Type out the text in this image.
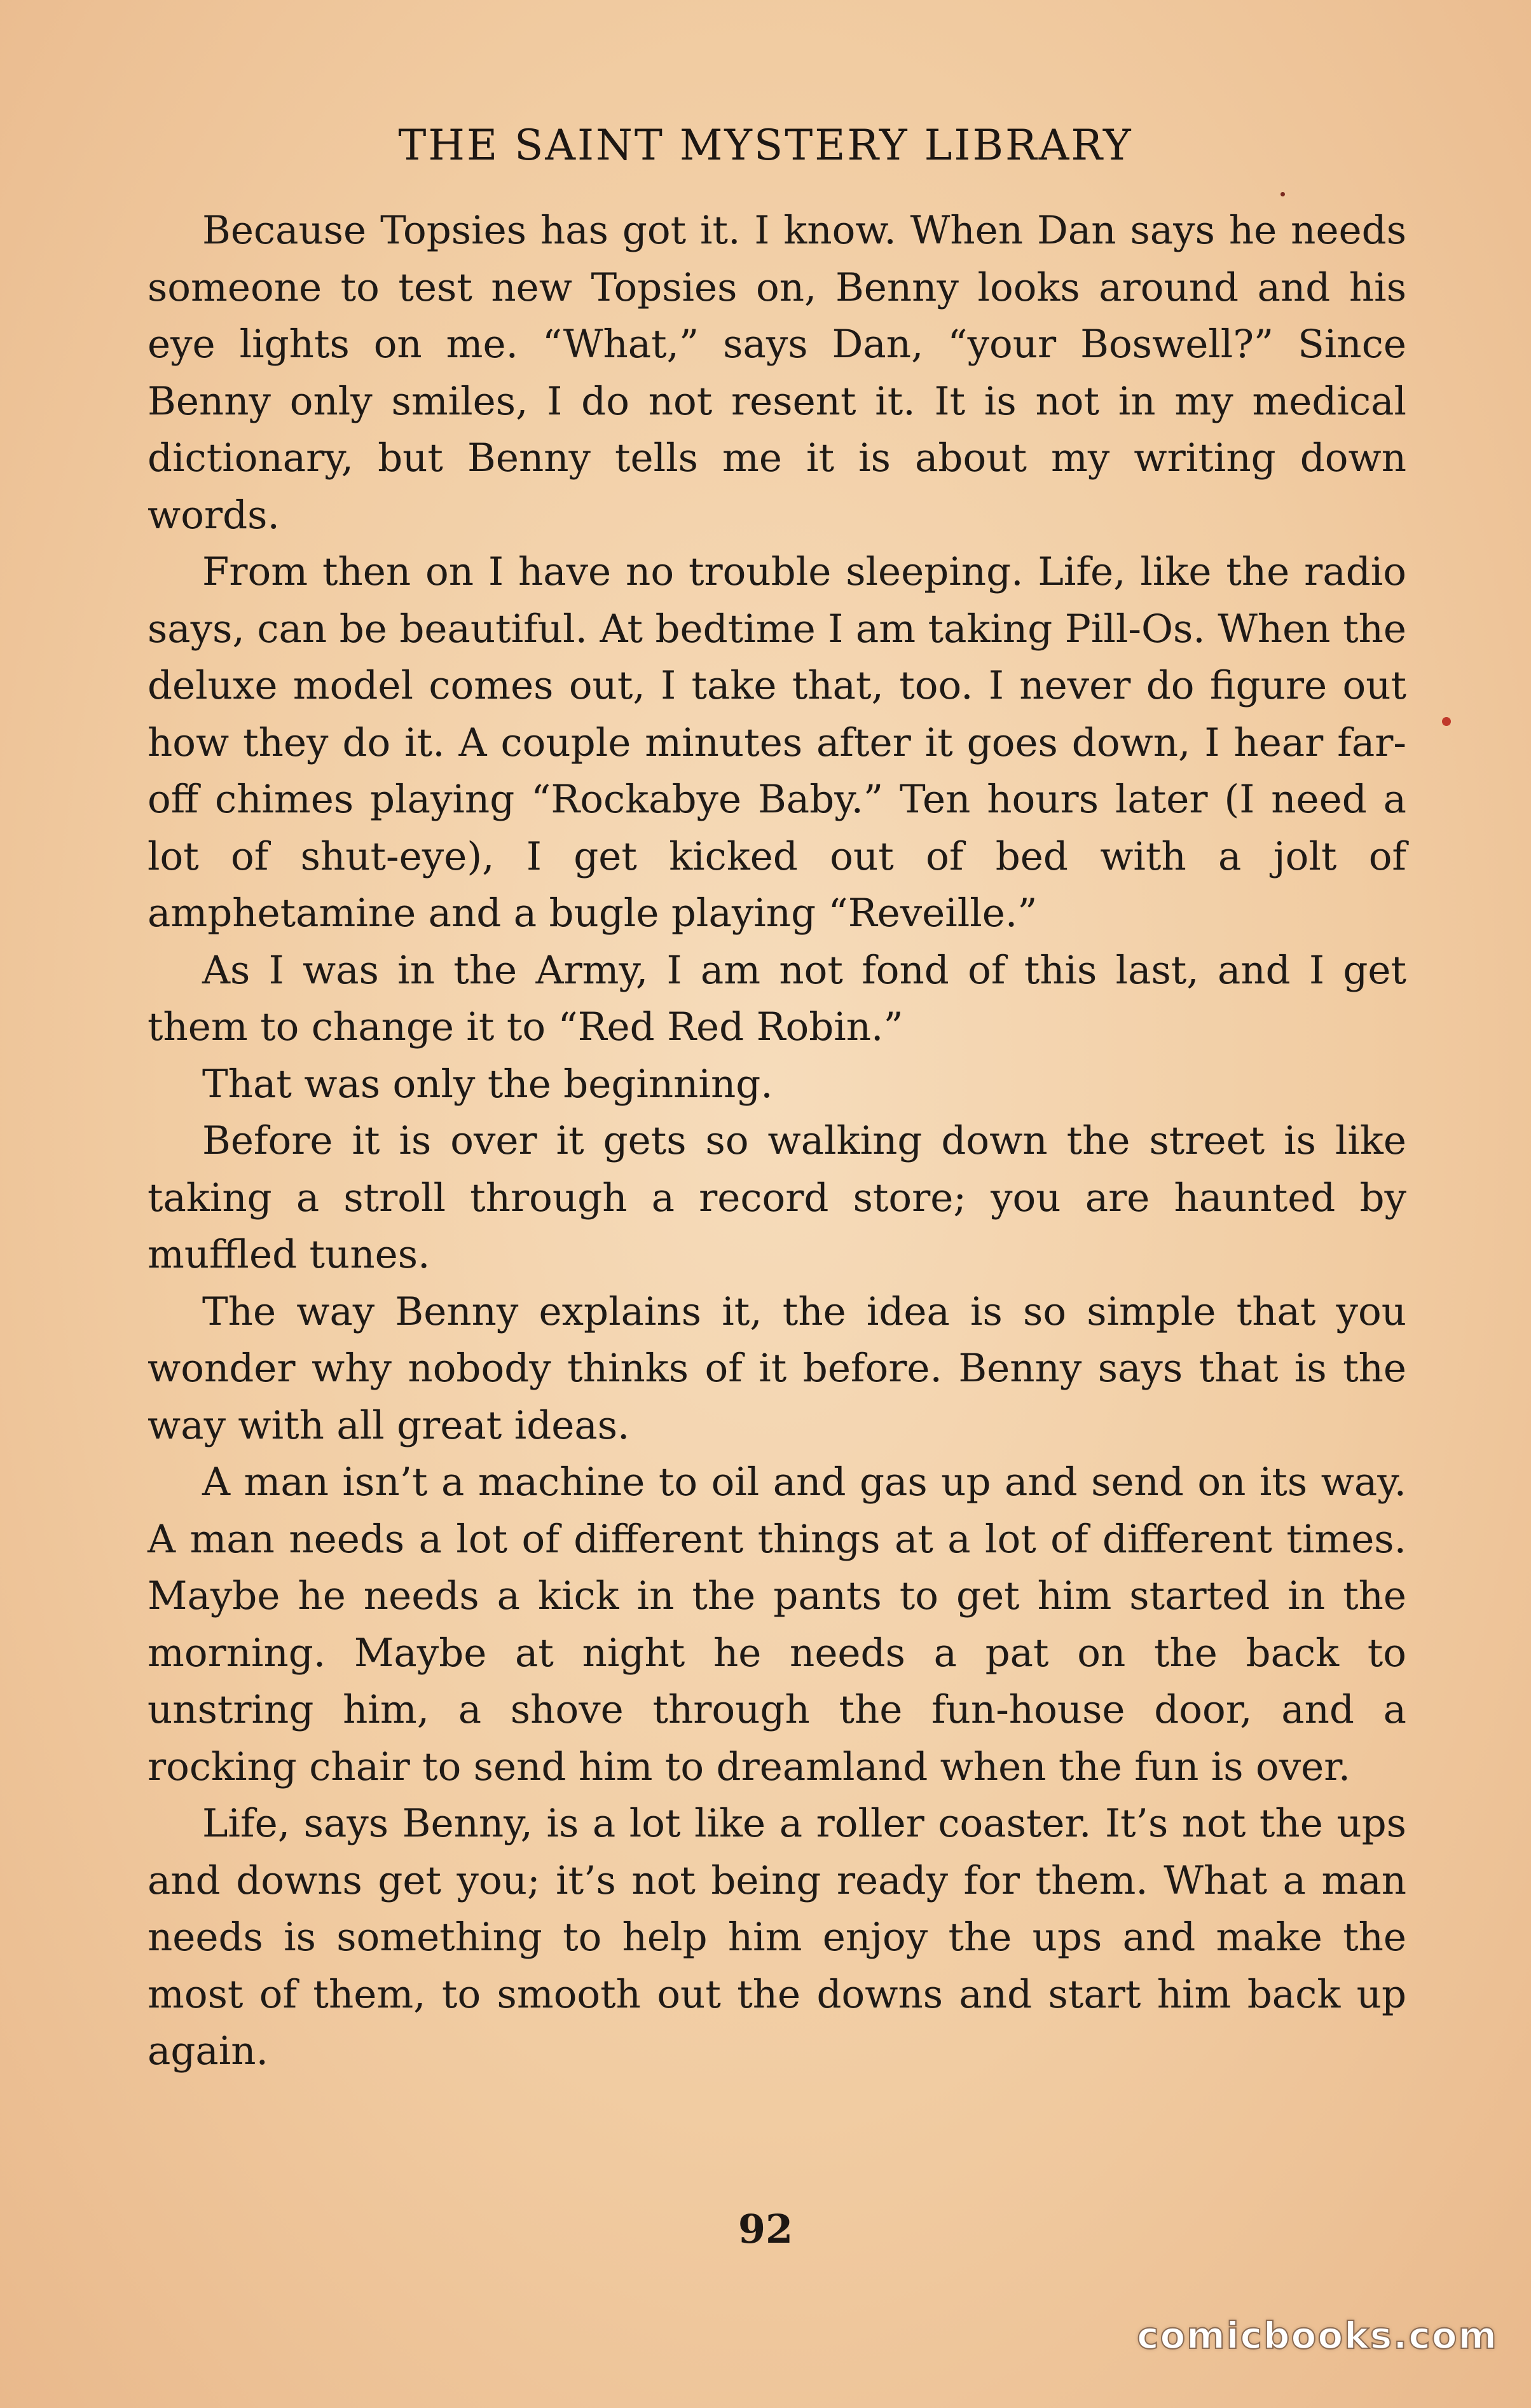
THE SAINT MYSTERY LIBRARY

Because Topsies has got it. I know. When Dan says he needs someone to test new Topsies on, Benny looks around and his eye lights on me. “What,” says Dan, “your Boswell?” Since Benny only smiles, I do not resent it. It is not in my medical dictionary, but Benny tells me it is about my writing down words.

From then on I have no trouble sleeping. Life, like the radio says, can be beautiful. At bedtime I am taking Pill-Os. When the deluxe model comes out, I take that, too. I never do figure out how they do it. A couple minutes after it goes down, I hear far-off chimes playing “Rockabye Baby.” Ten hours later (I need a lot of shut-eye), I get kicked out of bed with a jolt of amphetamine and a bugle playing “Reveille.”

As I was in the Army, I am not fond of this last, and I get them to change it to “Red Red Robin.”

That was only the beginning.

Before it is over it gets so walking down the street is like taking a stroll through a record store; you are haunted by muffled tunes.

The way Benny explains it, the idea is so simple that you wonder why nobody thinks of it before. Benny says that is the way with all great ideas.

A man isn’t a machine to oil and gas up and send on its way. A man needs a lot of different things at a lot of different times. Maybe he needs a kick in the pants to get him started in the morning. Maybe at night he needs a pat on the back to unstring him, a shove through the fun-house door, and a rocking chair to send him to dreamland when the fun is over.

Life, says Benny, is a lot like a roller coaster. It’s not the ups and downs get you; it’s not being ready for them. What a man needs is something to help him enjoy the ups and make the most of them, to smooth out the downs and start him back up again.

92
comicbooks.com
